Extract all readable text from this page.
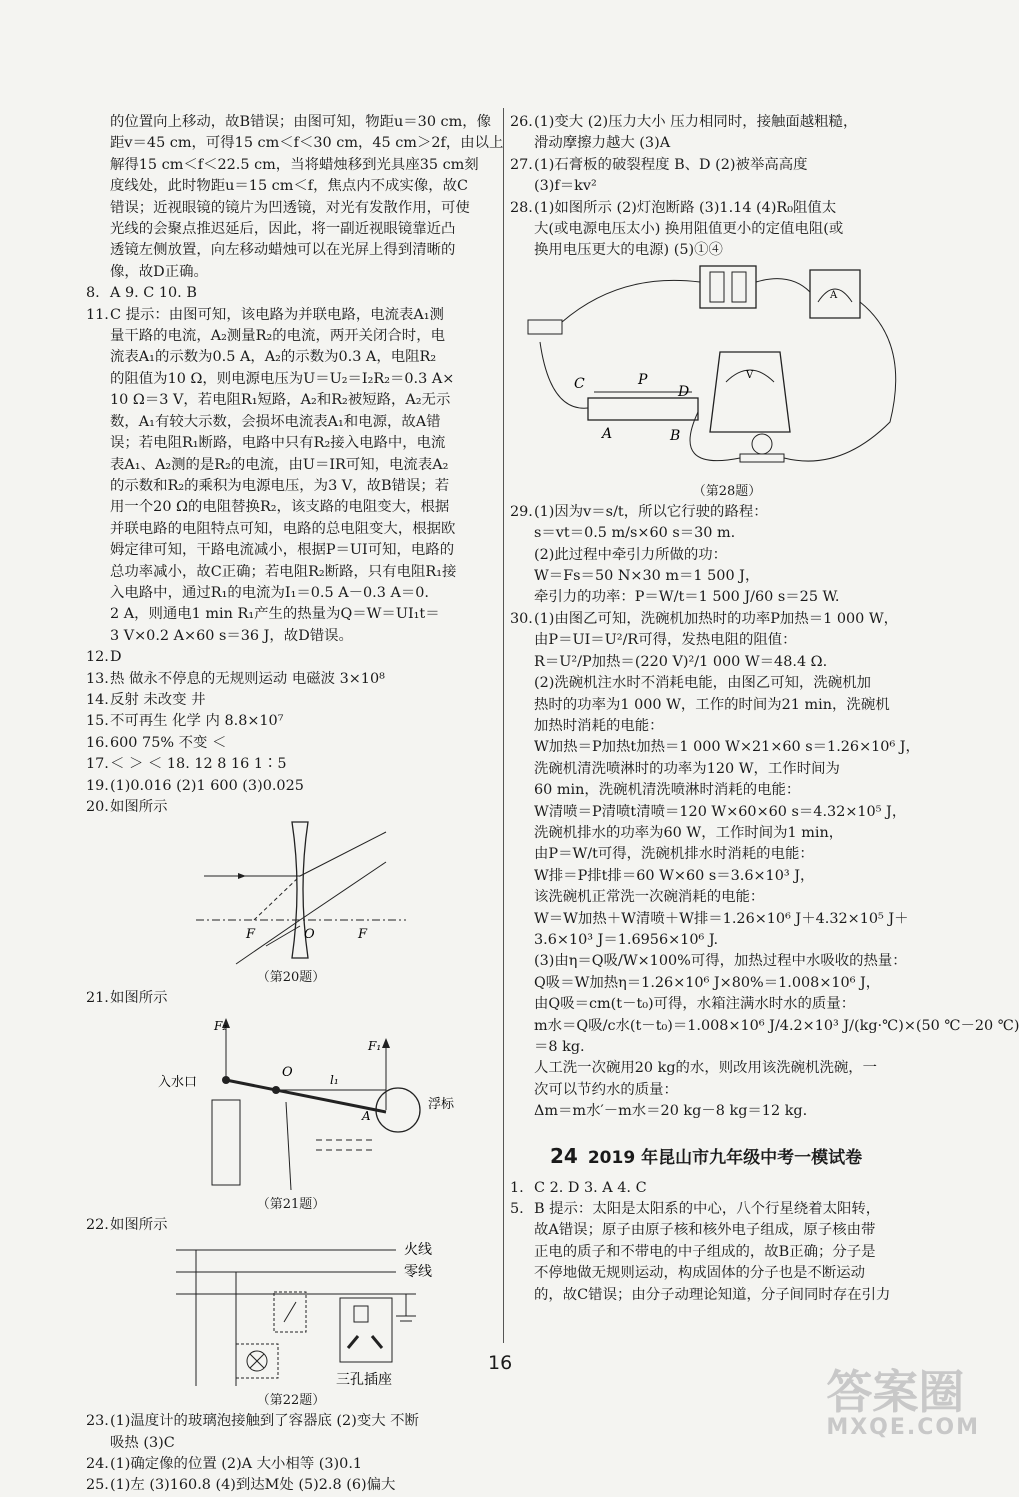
的位置向上移动，故B错误；由图可知，物距u＝30 cm，像
距v＝45 cm，可得15 cm＜f＜30 cm，45 cm＞2f，由以上
解得15 cm＜f＜22.5 cm，当将蜡烛移到光具座35 cm刻
度线处，此时物距u＝15 cm＜f，焦点内不成实像，故C
错误；近视眼镜的镜片为凹透镜，对光有发散作用，可使
光线的会聚点推迟延后，因此，将一副近视眼镜靠近凸
透镜左侧放置，向左移动蜡烛可以在光屏上得到清晰的
像，故D正确。
8. A 9. C 10. B
11. C 提示：由图可知，该电路为并联电路，电流表A₁测
量干路的电流，A₂测量R₂的电流，两开关闭合时，电
流表A₁的示数为0.5 A，A₂的示数为0.3 A，电阻R₂
的阻值为10 Ω，则电源电压为U＝U₂＝I₂R₂＝0.3 A×
10 Ω＝3 V，若电阻R₁短路，A₂和R₂被短路，A₂无示
数，A₁有较大示数，会损坏电流表A₁和电源，故A错
误；若电阻R₁断路，电路中只有R₂接入电路中，电流
表A₁、A₂测的是R₂的电流，由U＝IR可知，电流表A₂
的示数和R₂的乘积为电源电压，为3 V，故B错误；若
用一个20 Ω的电阻替换R₂，该支路的电阻变大，根据
并联电路的电阻特点可知，电路的总电阻变大，根据欧
姆定律可知，干路电流减小，根据P＝UI可知，电路的
总功率减小，故C正确；若电阻R₂断路，只有电阻R₁接
入电路中，通过R₁的电流为I₁＝0.5 A－0.3 A＝0.
2 A，则通电1 min R₁产生的热量为Q＝W＝UI₁t＝
3 V×0.2 A×60 s＝36 J，故D错误。
12. D
13. 热 做永不停息的无规则运动 电磁波 3×10⁸
14. 反射 未改变 井
15. 不可再生 化学 内 8.8×10⁷
16. 600 75% 不变 ＜
17. ＜ ＞ ＜ 18. 12 8 16 1∶5
19. (1)0.016 (2)1 600 (3)0.025
20. 如图所示
F	O	F
（第20题）
21. 如图所示
F₂
F₁
O	l₁
A
入水口
浮标
（第21题）
22. 如图所示
火线
零线
三孔插座
（第22题）
23. (1)温度计的玻璃泡接触到了容器底 (2)变大 不断
吸热 (3)C
24. (1)确定像的位置 (2)A 大小相等 (3)0.1
25. (1)左 (3)160.8 (4)到达M处 (5)2.8 (6)偏大
26. (1)变大 (2)压力大小 压力相同时，接触面越粗糙，
滑动摩擦力越大 (3)A
27. (1)石膏板的破裂程度 B、D (2)被举高高度
(3)f＝kv²
28. (1)如图所示 (2)灯泡断路 (3)1.14 (4)R₀阻值太
大(或电源电压太小) 换用阻值更小的定值电阻(或
换用电压更大的电源) (5)①④
C	P
D
A	B
V
A
（第28题）
29. (1)因为v＝s/t，所以它行驶的路程：
s＝vt＝0.5 m/s×60 s＝30 m.
(2)此过程中牵引力所做的功：
W＝Fs＝50 N×30 m＝1 500 J，
牵引力的功率：P＝W/t＝1 500 J/60 s＝25 W.
30. (1)由图乙可知，洗碗机加热时的功率P加热＝1 000 W，
由P＝UI＝U²/R可得，发热电阻的阻值：
R＝U²/P加热＝(220 V)²/1 000 W＝48.4 Ω.
(2)洗碗机注水时不消耗电能，由图乙可知，洗碗机加
热时的功率为1 000 W，工作的时间为21 min，洗碗机
加热时消耗的电能：
W加热＝P加热t加热＝1 000 W×21×60 s＝1.26×10⁶ J，
洗碗机清洗喷淋时的功率为120 W，工作时间为
60 min，洗碗机清洗喷淋时消耗的电能：
W清喷＝P清喷t清喷＝120 W×60×60 s＝4.32×10⁵ J，
洗碗机排水的功率为60 W，工作时间为1 min，
由P＝W/t可得，洗碗机排水时消耗的电能：
W排＝P排t排＝60 W×60 s＝3.6×10³ J，
该洗碗机正常洗一次碗消耗的电能：
W＝W加热＋W清喷＋W排＝1.26×10⁶ J＋4.32×10⁵ J＋
3.6×10³ J＝1.6956×10⁶ J.
(3)由η＝Q吸/W×100%可得，加热过程中水吸收的热量：
Q吸＝W加热η＝1.26×10⁶ J×80%＝1.008×10⁶ J，
由Q吸＝cm(t－t₀)可得，水箱注满水时水的质量：
m水＝Q吸/c水(t－t₀)＝1.008×10⁶ J/4.2×10³ J/(kg·℃)×(50 ℃－20 ℃)
＝8 kg.
人工洗一次碗用20 kg的水，则改用该洗碗机洗碗，一
次可以节约水的质量：
Δm＝m水′－m水＝20 kg－8 kg＝12 kg.
24 2019 年昆山市九年级中考一模试卷
1. C 2. D 3. A 4. C
5. B 提示：太阳是太阳系的中心，八个行星绕着太阳转，
故A错误；原子由原子核和核外电子组成，原子核由带
正电的质子和不带电的中子组成的，故B正确；分子是
不停地做无规则运动，构成固体的分子也是不断运动
的，故C错误；由分子动理论知道，分子间同时存在引力
16
答案圈
MXQE.COM
